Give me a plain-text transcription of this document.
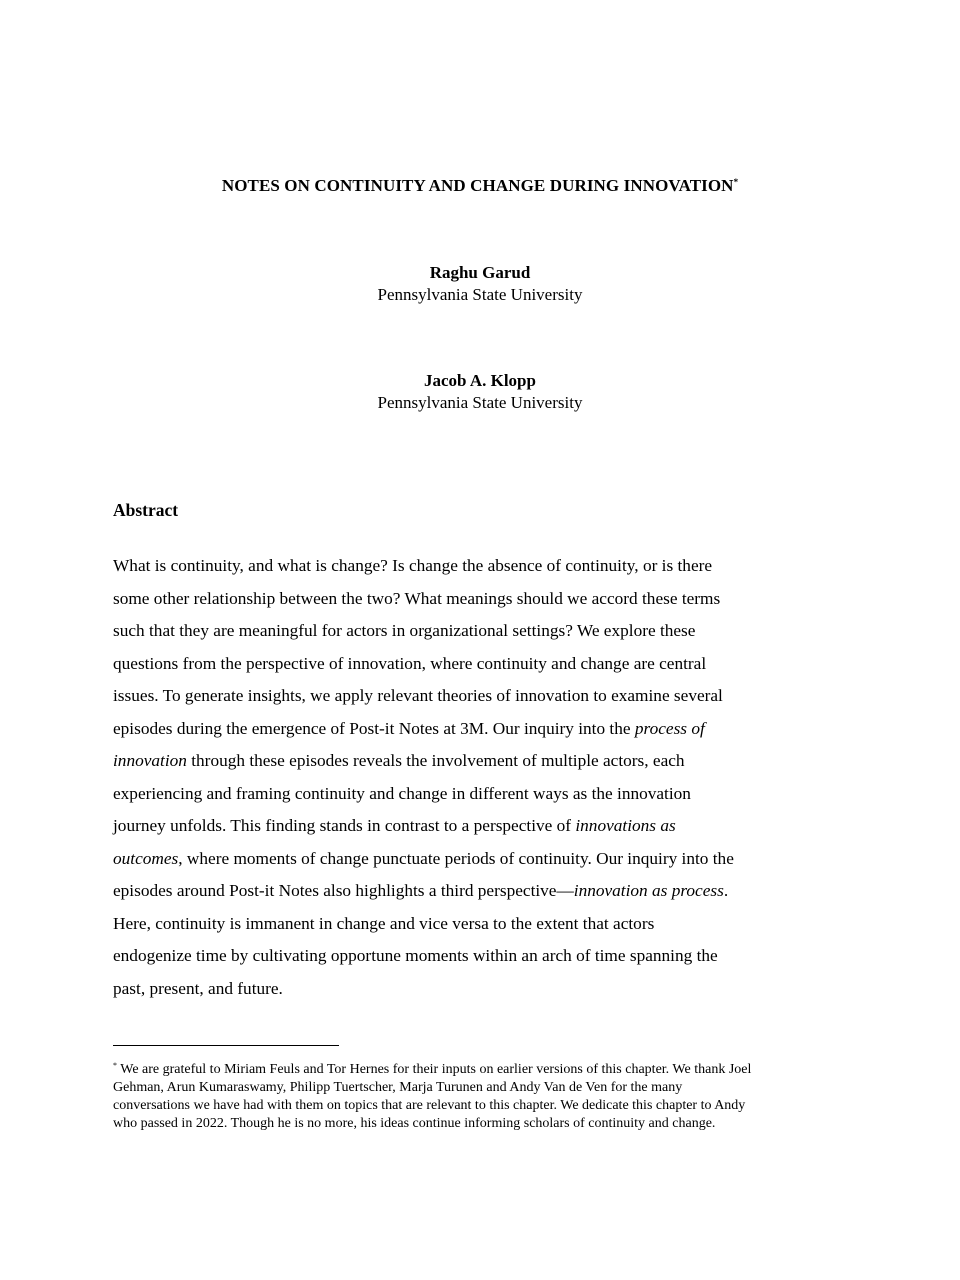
NOTES ON CONTINUITY AND CHANGE DURING INNOVATION*
Raghu Garud
Pennsylvania State University
Jacob A. Klopp
Pennsylvania State University
Abstract

What is continuity, and what is change? Is change the absence of continuity, or is there
some other relationship between the two? What meanings should we accord these terms
such that they are meaningful for actors in organizational settings? We explore these
questions from the perspective of innovation, where continuity and change are central
issues. To generate insights, we apply relevant theories of innovation to examine several
episodes during the emergence of Post-it Notes at 3M. Our inquiry into the process of
innovation through these episodes reveals the involvement of multiple actors, each
experiencing and framing continuity and change in different ways as the innovation
journey unfolds. This finding stands in contrast to a perspective of innovations as
outcomes, where moments of change punctuate periods of continuity. Our inquiry into the
episodes around Post-it Notes also highlights a third perspective—innovation as process.
Here, continuity is immanent in change and vice versa to the extent that actors
endogenize time by cultivating opportune moments within an arch of time spanning the
past, present, and future.

* We are grateful to Miriam Feuls and Tor Hernes for their inputs on earlier versions of this chapter. We thank Joel
Gehman, Arun Kumaraswamy, Philipp Tuertscher, Marja Turunen and Andy Van de Ven for the many
conversations we have had with them on topics that are relevant to this chapter. We dedicate this chapter to Andy
who passed in 2022. Though he is no more, his ideas continue informing scholars of continuity and change.
